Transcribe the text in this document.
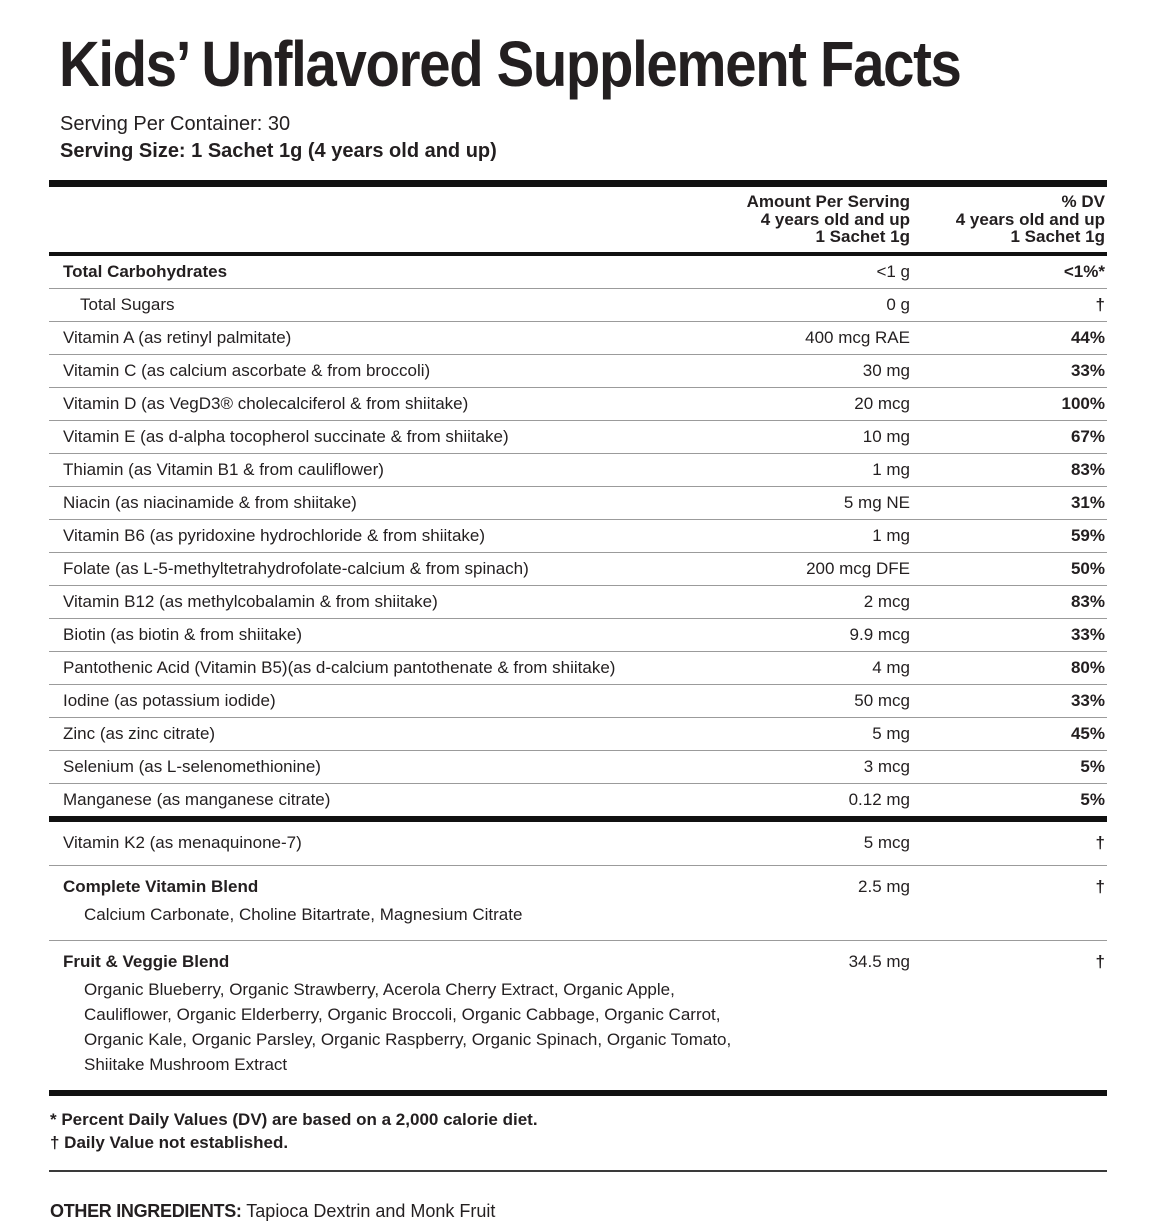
Kids’ Unflavored Supplement Facts
Serving Per Container: 30
Serving Size: 1 Sachet 1g (4 years old and up)
Amount Per Serving
4 years old and up
1 Sachet 1g
% DV
4 years old and up
1 Sachet 1g
Total Carbohydrates	<1 g	<1%*
Total Sugars	0 g	†
Vitamin A (as retinyl palmitate)	400 mcg RAE	44%
Vitamin C (as calcium ascorbate & from broccoli)	30 mg	33%
Vitamin D (as VegD3® cholecalciferol & from shiitake)	20 mcg	100%
Vitamin E (as d-alpha tocopherol succinate & from shiitake)	10 mg	67%
Thiamin (as Vitamin B1 & from cauliflower)	1 mg	83%
Niacin (as niacinamide & from shiitake)	5 mg NE	31%
Vitamin B6 (as pyridoxine hydrochloride & from shiitake)	1 mg	59%
Folate (as L-5-methyltetrahydrofolate-calcium & from spinach)	200 mcg DFE	50%
Vitamin B12 (as methylcobalamin & from shiitake)	2 mcg	83%
Biotin (as biotin & from shiitake)	9.9 mcg	33%
Pantothenic Acid (Vitamin B5)(as d-calcium pantothenate & from shiitake)	4 mg	80%
Iodine (as potassium iodide)	50 mcg	33%
Zinc (as zinc citrate)	5 mg	45%
Selenium (as L-selenomethionine)	3 mcg	5%
Manganese (as manganese citrate)	0.12 mg	5%
Vitamin K2 (as menaquinone-7)	5 mcg	†
Complete Vitamin Blend	2.5 mg	†
Calcium Carbonate, Choline Bitartrate, Magnesium Citrate
Fruit & Veggie Blend	34.5 mg	†
Organic Blueberry, Organic Strawberry, Acerola Cherry Extract, Organic Apple,
Cauliflower, Organic Elderberry, Organic Broccoli, Organic Cabbage, Organic Carrot,
Organic Kale, Organic Parsley, Organic Raspberry, Organic Spinach, Organic Tomato,
Shiitake Mushroom Extract
* Percent Daily Values (DV) are based on a 2,000 calorie diet.
† Daily Value not established.
OTHER INGREDIENTS: Tapioca Dextrin and Monk Fruit
